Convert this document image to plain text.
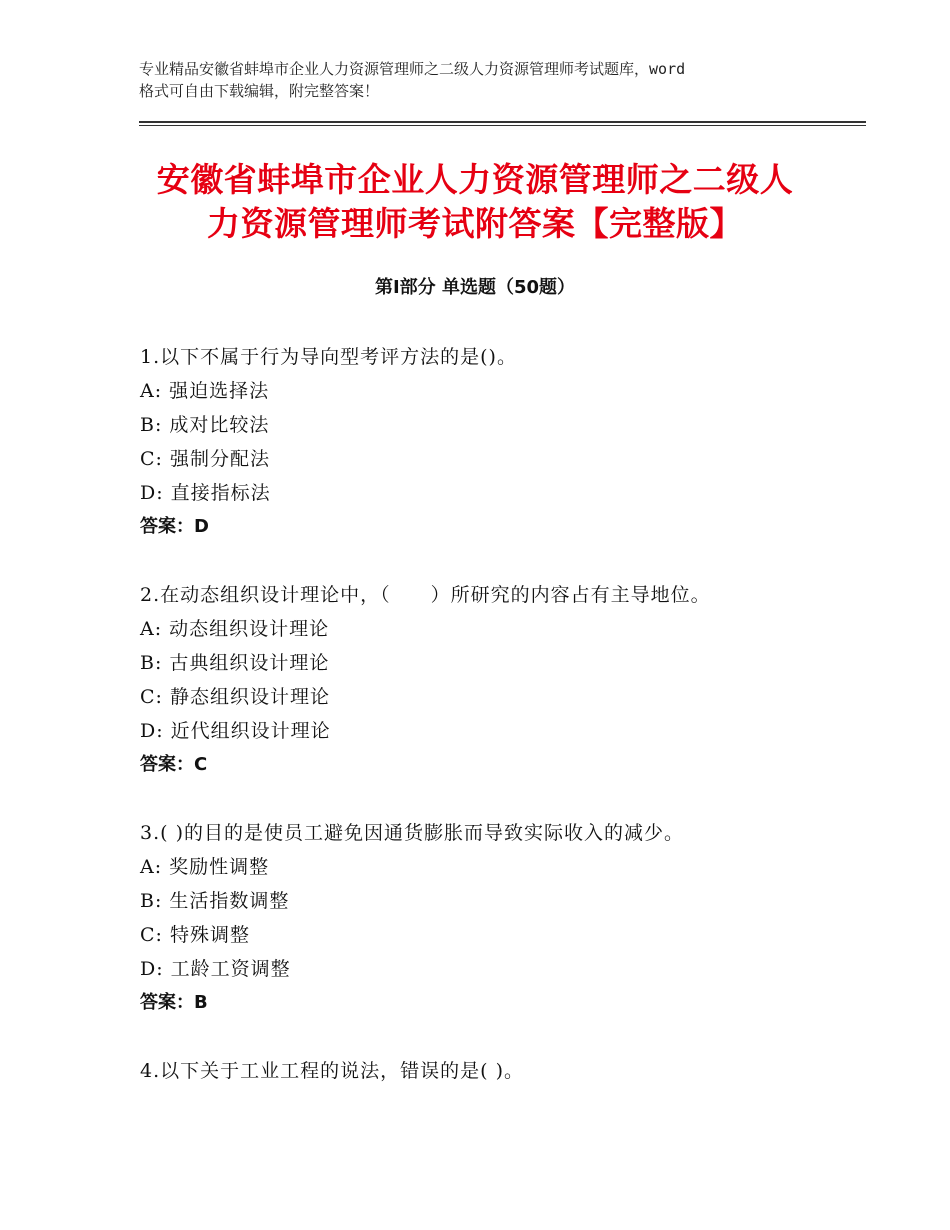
专业精品安徽省蚌埠市企业人力资源管理师之二级人力资源管理师考试题库，word
格式可自由下载编辑，附完整答案！
安徽省蚌埠市企业人力资源管理师之二级人
力资源管理师考试附答案【完整版】
第Ⅰ部分 单选题（50题）
1.以下不属于行为导向型考评方法的是()。
A: 强迫选择法
B: 成对比较法
C: 强制分配法
D: 直接指标法
答案：D
2.在动态组织设计理论中，（　　）所研究的内容占有主导地位。
A: 动态组织设计理论
B: 古典组织设计理论
C: 静态组织设计理论
D: 近代组织设计理论
答案：C
3.( )的目的是使员工避免因通货膨胀而导致实际收入的减少。
A: 奖励性调整
B: 生活指数调整
C: 特殊调整
D: 工龄工资调整
答案：B
4.以下关于工业工程的说法，错误的是( )。
